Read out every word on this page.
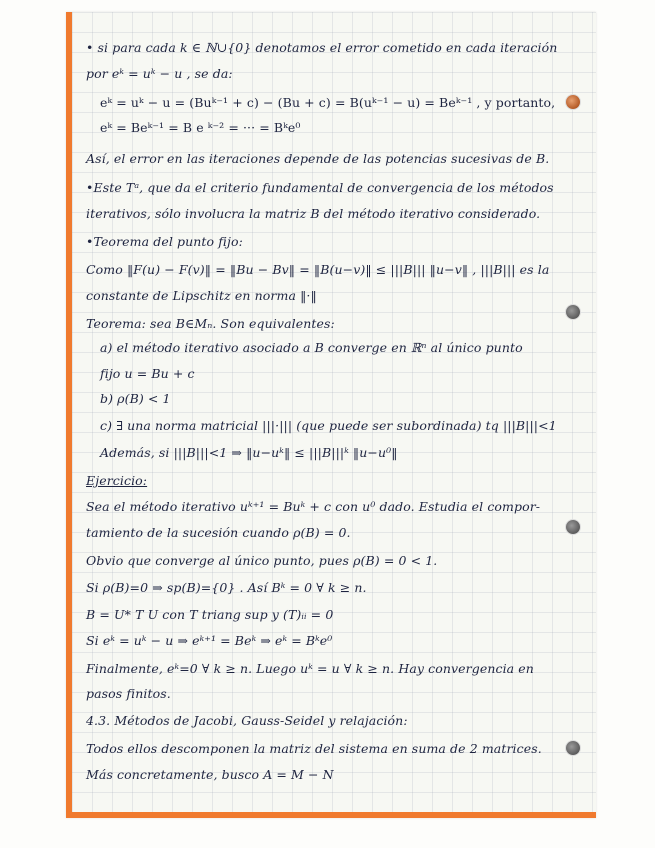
• si para cada k ∈ ℕ∪{0} denotamos el error cometido en cada iteración
por eᵏ = uᵏ − u , se da:
eᵏ = uᵏ − u = (Buᵏ⁻¹ + c) − (Bu + c) = B(uᵏ⁻¹ − u) = Beᵏ⁻¹ , y portanto,
eᵏ = Beᵏ⁻¹ = B e ᵏ⁻² = ··· = Bᵏe⁰
Así, el error en las iteraciones depende de las potencias sucesivas de B.
•Este Tᵃ, que da el criterio fundamental de convergencia de los métodos
iterativos, sólo involucra la matriz B del método iterativo considerado.
•Teorema del punto fijo:
Como ‖F(u) − F(v)‖ = ‖Bu − Bv‖ = ‖B(u−v)‖ ≤ |||B||| ‖u−v‖ , |||B||| es la
constante de Lipschitz en norma ‖·‖
Teorema: sea B∈Mₙ. Son equivalentes:
a) el método iterativo asociado a B converge en ℝⁿ al único punto
fijo u = Bu + c
b) ρ(B) < 1
c) ∃ una norma matricial |||·||| (que puede ser subordinada) tq |||B|||<1
Además, si |||B|||<1 ⇒ ‖u−uᵏ‖ ≤ |||B|||ᵏ ‖u−u⁰‖
Ejercicio:
Sea el método iterativo uᵏ⁺¹ = Buᵏ + c con u⁰ dado. Estudia el compor-
tamiento de la sucesión cuando ρ(B) = 0.
Obvio que converge al único punto, pues ρ(B) = 0 < 1.
Si ρ(B)=0 ⇒ sp(B)={0} . Así Bᵏ = 0 ∀ k ≥ n.
B = U* T U con T triang sup y (T)ᵢᵢ = 0
Si eᵏ = uᵏ − u ⇒ eᵏ⁺¹ = Beᵏ ⇒ eᵏ = Bᵏe⁰
Finalmente, eᵏ=0 ∀ k ≥ n. Luego uᵏ = u ∀ k ≥ n. Hay convergencia en
pasos finitos.
4.3. Métodos de Jacobi, Gauss-Seidel y relajación:
Todos ellos descomponen la matriz del sistema en suma de 2 matrices.
Más concretamente, busco A = M − N
